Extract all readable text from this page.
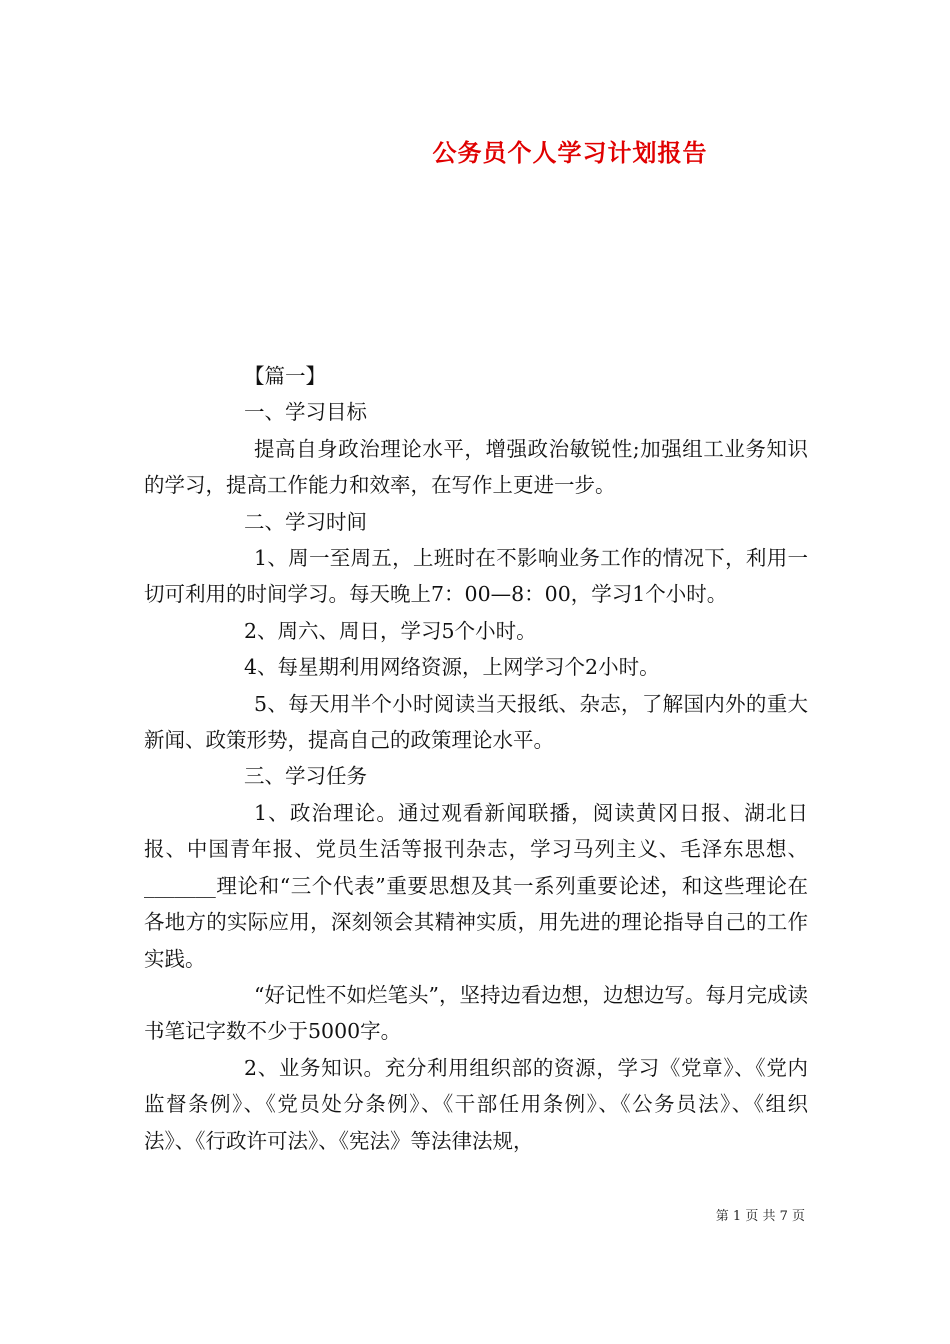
公务员个人学习计划报告

【篇一】

一、学习目标

提高自身政治理论水平，增强政治敏锐性;加强组工业务知识的学习，提高工作能力和效率，在写作上更进一步。

二、学习时间

1、周一至周五，上班时在不影响业务工作的情况下，利用一切可利用的时间学习。每天晚上7：00—8：00，学习1个小时。

2、周六、周日，学习5个小时。

4、每星期利用网络资源，上网学习个2小时。

5、每天用半个小时阅读当天报纸、杂志，了解国内外的重大新闻、政策形势，提高自己的政策理论水平。

三、学习任务

1、政治理论。通过观看新闻联播，阅读黄冈日报、湖北日报、中国青年报、党员生活等报刊杂志，学习马列主义、毛泽东思想、_______理论和“三个代表”重要思想及其一系列重要论述，和这些理论在各地方的实际应用，深刻领会其精神实质，用先进的理论指导自己的工作实践。

“好记性不如烂笔头”，坚持边看边想，边想边写。每月完成读书笔记字数不少于5000字。

2、业务知识。充分利用组织部的资源，学习《党章》、《党内监督条例》、《党员处分条例》、《干部任用条例》、《公务员法》、《组织法》、《行政许可法》、《宪法》等法律法规，

第 1 页 共 7 页
